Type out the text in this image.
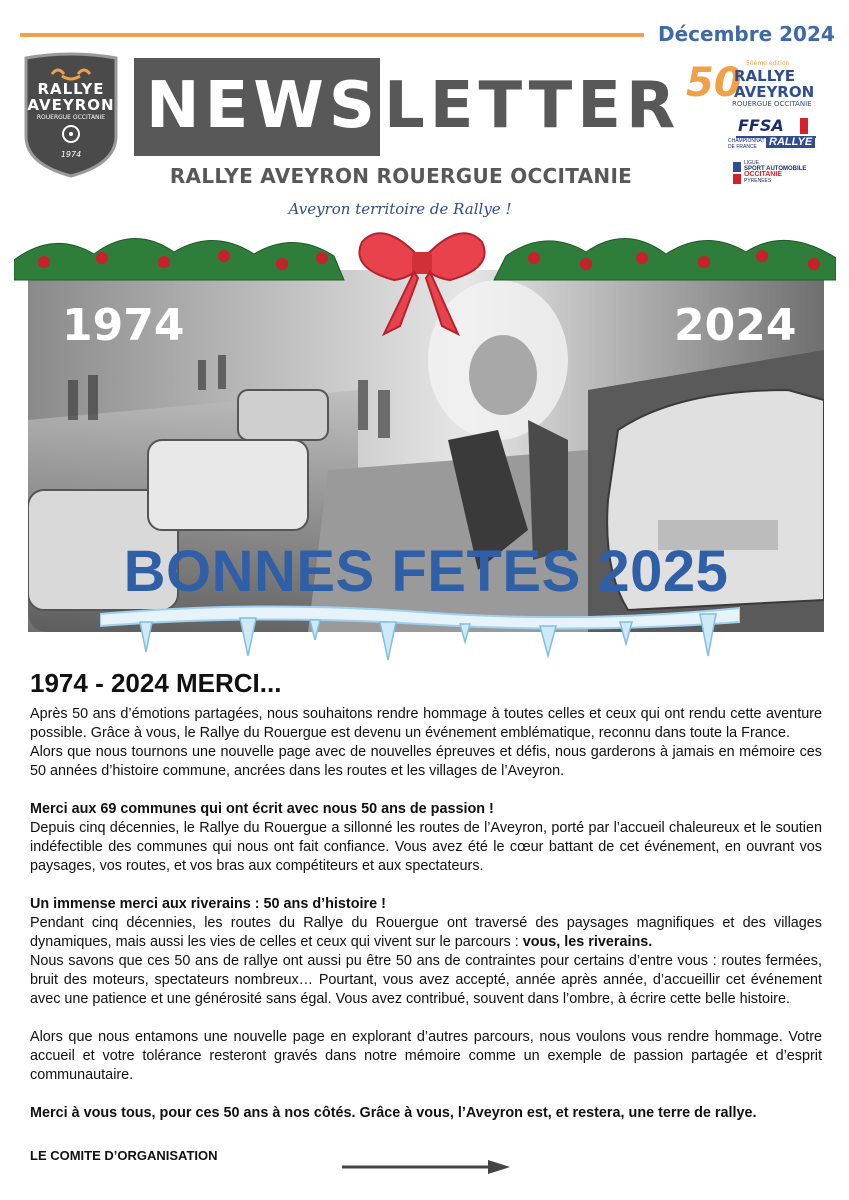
Décembre 2024
RALLYE
AVEYRON
ROUERGUE OCCITANIE
1974
NEWS LETTER
RALLYE AVEYRON ROUERGUE OCCITANIE
Aveyron territoire de Rallye !
50 50ème édition
RALLYE
AVEYRON
ROUERGUE OCCITANIE
FFSA
CHAMPIONNAT
DE FRANCE	RALLYE
LIGUE
SPORT AUTOMOBILE
OCCITANIE
PYRENEES
1974	2024
BONNES FETES 2025
1974 - 2024 MERCI...

Après 50 ans d’émotions partagées, nous souhaitons rendre hommage à toutes celles et ceux qui ont rendu cette aventure possible. Grâce à vous, le Rallye du Rouergue est devenu un événement emblématique, reconnu dans toute la France.

Alors que nous tournons une nouvelle page avec de nouvelles épreuves et défis, nous garderons à jamais en mémoire ces 50 années d’histoire commune, ancrées dans les routes et les villages de l’Aveyron.

Merci aux 69 communes qui ont écrit avec nous 50 ans de passion !

Depuis cinq décennies, le Rallye du Rouergue a sillonné les routes de l’Aveyron, porté par l’accueil chaleureux et le soutien indéfectible des communes qui nous ont fait confiance. Vous avez été le cœur battant de cet événement, en ouvrant vos paysages, vos routes, et vos bras aux compétiteurs et aux spectateurs.

Un immense merci aux riverains : 50 ans d’histoire !

Pendant cinq décennies, les routes du Rallye du Rouergue ont traversé des paysages magnifiques et des villages dynamiques, mais aussi les vies de celles et ceux qui vivent sur le parcours : vous, les riverains.

Nous savons que ces 50 ans de rallye ont aussi pu être 50 ans de contraintes pour certains d’entre vous : routes fermées, bruit des moteurs, spectateurs nombreux… Pourtant, vous avez accepté, année après année, d’accueillir cet événement avec une patience et une générosité sans égal. Vous avez contribué, souvent dans l’ombre, à écrire cette belle histoire.

Alors que nous entamons une nouvelle page en explorant d’autres parcours, nous voulons vous rendre hommage. Votre accueil et votre tolérance resteront gravés dans notre mémoire comme un exemple de passion partagée et d’esprit communautaire.

Merci à vous tous, pour ces 50 ans à nos côtés. Grâce à vous, l’Aveyron est, et restera, une terre de rallye.

LE COMITE D’ORGANISATION
